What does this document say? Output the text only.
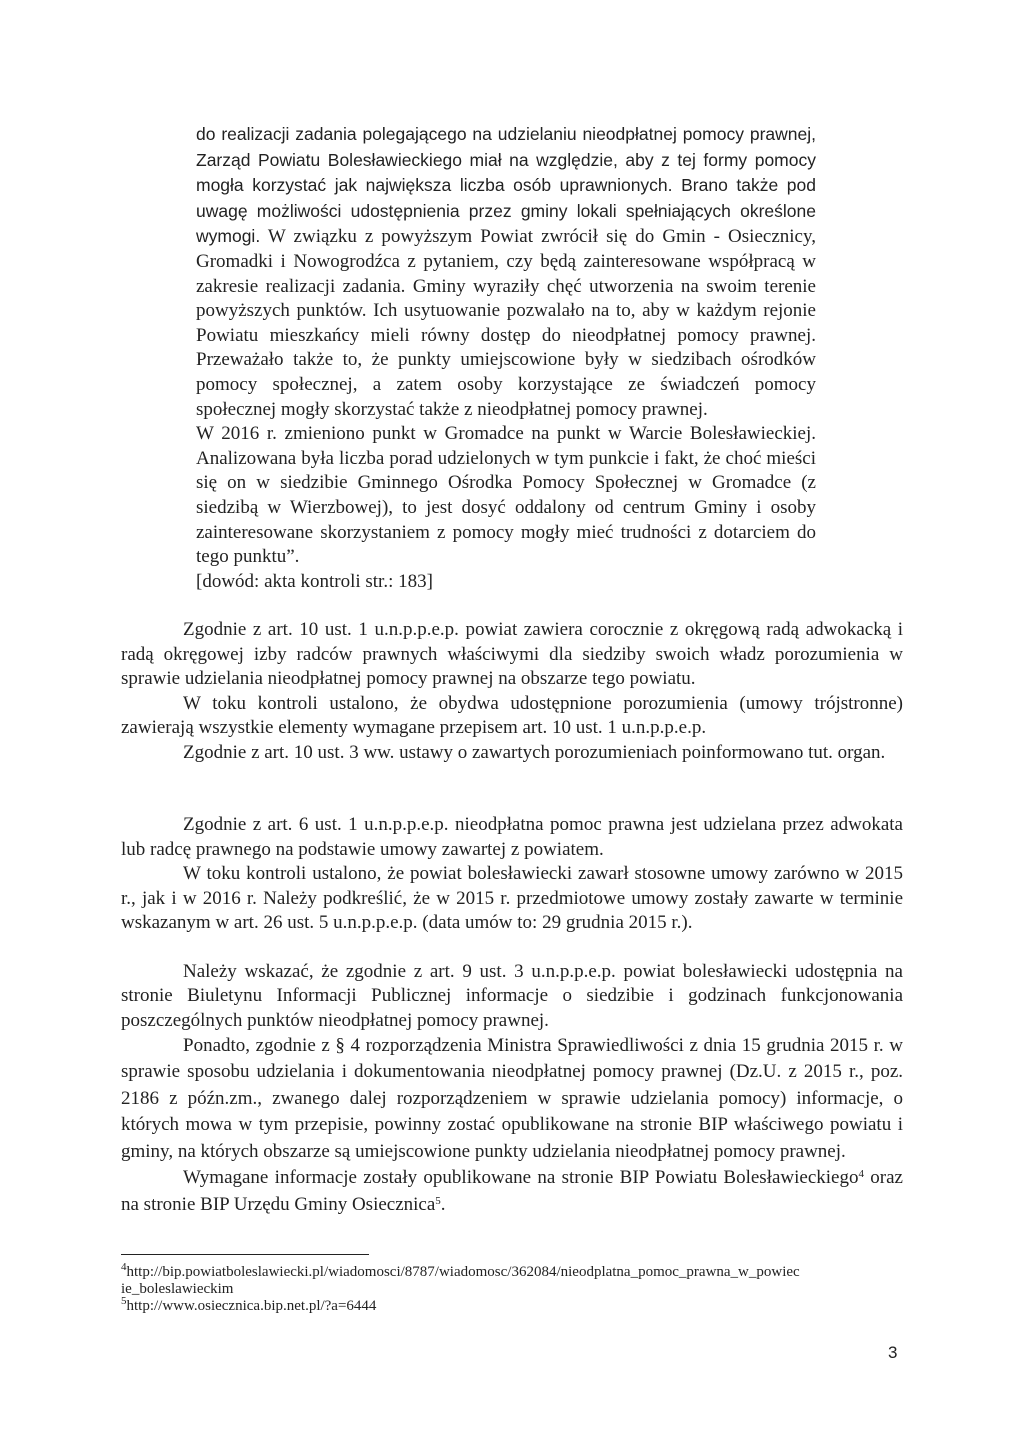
do realizacji zadania polegającego na udzielaniu nieodpłatnej pomocy prawnej, Zarząd Powiatu Bolesławieckiego miał na względzie, aby z tej formy pomocy mogła korzystać jak największa liczba osób uprawnionych. Brano także pod uwagę możliwości udostępnienia przez gminy lokali spełniających określone wymogi. W związku z powyższym Powiat zwrócił się do Gmin - Osiecznicy, Gromadki i Nowogrodźca z pytaniem, czy będą zainteresowane współpracą w zakresie realizacji zadania. Gminy wyraziły chęć utworzenia na swoim terenie powyższych punktów. Ich usytuowanie pozwalało na to, aby w każdym rejonie Powiatu mieszkańcy mieli równy dostęp do nieodpłatnej pomocy prawnej. Przeważało także to, że punkty umiejscowione były w siedzibach ośrodków pomocy społecznej, a zatem osoby korzystające ze świadczeń pomocy społecznej mogły skorzystać także z nieodpłatnej pomocy prawnej.

W 2016 r. zmieniono punkt w Gromadce na punkt w Warcie Bolesławieckiej. Analizowana była liczba porad udzielonych w tym punkcie i fakt, że choć mieści się on w siedzibie Gminnego Ośrodka Pomocy Społecznej w Gromadce (z siedzibą w Wierzbowej), to jest dosyć oddalony od centrum Gminy i osoby zainteresowane skorzystaniem z pomocy mogły mieć trudności z dotarciem do tego punktu”.

[dowód: akta kontroli str.: 183]

Zgodnie z art. 10 ust. 1 u.n.p.p.e.p. powiat zawiera corocznie z okręgową radą adwokacką i radą okręgowej izby radców prawnych właściwymi dla siedziby swoich władz porozumienia w sprawie udzielania nieodpłatnej pomocy prawnej na obszarze tego powiatu.

W toku kontroli ustalono, że obydwa udostępnione porozumienia (umowy trójstronne) zawierają wszystkie elementy wymagane przepisem art. 10 ust. 1 u.n.p.p.e.p.

Zgodnie z art. 10 ust. 3 ww. ustawy o zawartych porozumieniach poinformowano tut. organ.

Zgodnie z art. 6 ust. 1 u.n.p.p.e.p. nieodpłatna pomoc prawna jest udzielana przez adwokata lub radcę prawnego na podstawie umowy zawartej z powiatem.

W toku kontroli ustalono, że powiat bolesławiecki zawarł stosowne umowy zarówno w 2015 r., jak i w 2016 r. Należy podkreślić, że w 2015 r. przedmiotowe umowy zostały zawarte w terminie wskazanym w art. 26 ust. 5 u.n.p.p.e.p. (data umów to: 29 grudnia 2015 r.).

Należy wskazać, że zgodnie z art. 9 ust. 3 u.n.p.p.e.p. powiat bolesławiecki udostępnia na stronie Biuletynu Informacji Publicznej informacje o siedzibie i godzinach funkcjonowania poszczególnych punktów nieodpłatnej pomocy prawnej.

Ponadto, zgodnie z § 4 rozporządzenia Ministra Sprawiedliwości z dnia 15 grudnia 2015 r. w sprawie sposobu udzielania i dokumentowania nieodpłatnej pomocy prawnej (Dz.U. z 2015 r., poz. 2186 z późn.zm., zwanego dalej rozporządzeniem w sprawie udzielania pomocy) informacje, o których mowa w tym przepisie, powinny zostać opublikowane na stronie BIP właściwego powiatu i gminy, na których obszarze są umiejscowione punkty udzielania nieodpłatnej pomocy prawnej.

Wymagane informacje zostały opublikowane na stronie BIP Powiatu Bolesławieckiego$^4$ oraz na stronie BIP Urzędu Gminy Osiecznica$^5$.

$^4$http://bip.powiatboleslawiecki.pl/wiadomosci/8787/wiadomosc/362084/nieodplatna_pomoc_prawna_w_powiec ie_boleslawieckim

$^5$http://www.osiecznica.bip.net.pl/?a=6444

3
